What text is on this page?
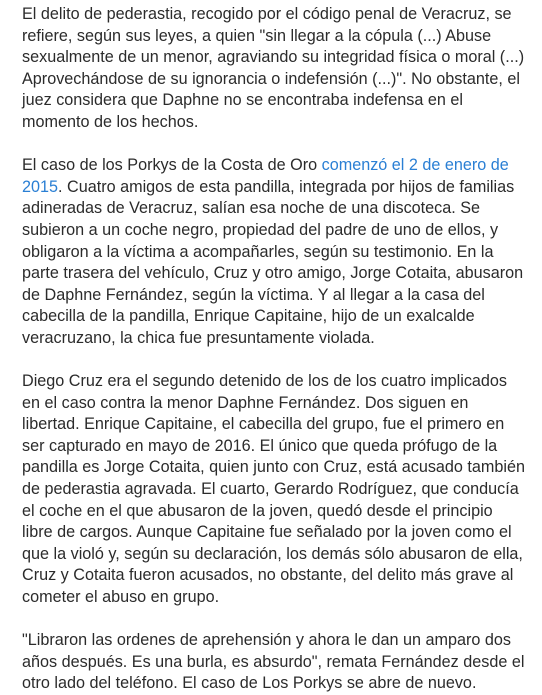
El delito de pederastia, recogido por el código penal de Veracruz, se refiere, según sus leyes, a quien "sin llegar a la cópula (...) Abuse sexualmente de un menor, agraviando su integridad física o moral (...) Aprovechándose de su ignorancia o indefensión (...)". No obstante, el juez considera que Daphne no se encontraba indefensa en el momento de los hechos.

El caso de los Porkys de la Costa de Oro comenzó el 2 de enero de 2015. Cuatro amigos de esta pandilla, integrada por hijos de familias adineradas de Veracruz, salían esa noche de una discoteca. Se subieron a un coche negro, propiedad del padre de uno de ellos, y obligaron a la víctima a acompañarles, según su testimonio. En la parte trasera del vehículo, Cruz y otro amigo, Jorge Cotaita, abusaron de Daphne Fernández, según la víctima. Y al llegar a la casa del cabecilla de la pandilla, Enrique Capitaine, hijo de un exalcalde veracruzano, la chica fue presuntamente violada.

Diego Cruz era el segundo detenido de los de los cuatro implicados en el caso contra la menor Daphne Fernández. Dos siguen en libertad. Enrique Capitaine, el cabecilla del grupo, fue el primero en ser capturado en mayo de 2016. El único que queda prófugo de la pandilla es Jorge Cotaita, quien junto con Cruz, está acusado también de pederastia agravada. El cuarto, Gerardo Rodríguez, que conducía el coche en el que abusaron de la joven, quedó desde el principio libre de cargos. Aunque Capitaine fue señalado por la joven como el que la violó y, según su declaración, los demás sólo abusaron de ella, Cruz y Cotaita fueron acusados, no obstante, del delito más grave al cometer el abuso en grupo.

"Libraron las ordenes de aprehensión y ahora le dan un amparo dos años después. Es una burla, es absurdo", remata Fernández desde el otro lado del teléfono. El caso de Los Porkys se abre de nuevo.
